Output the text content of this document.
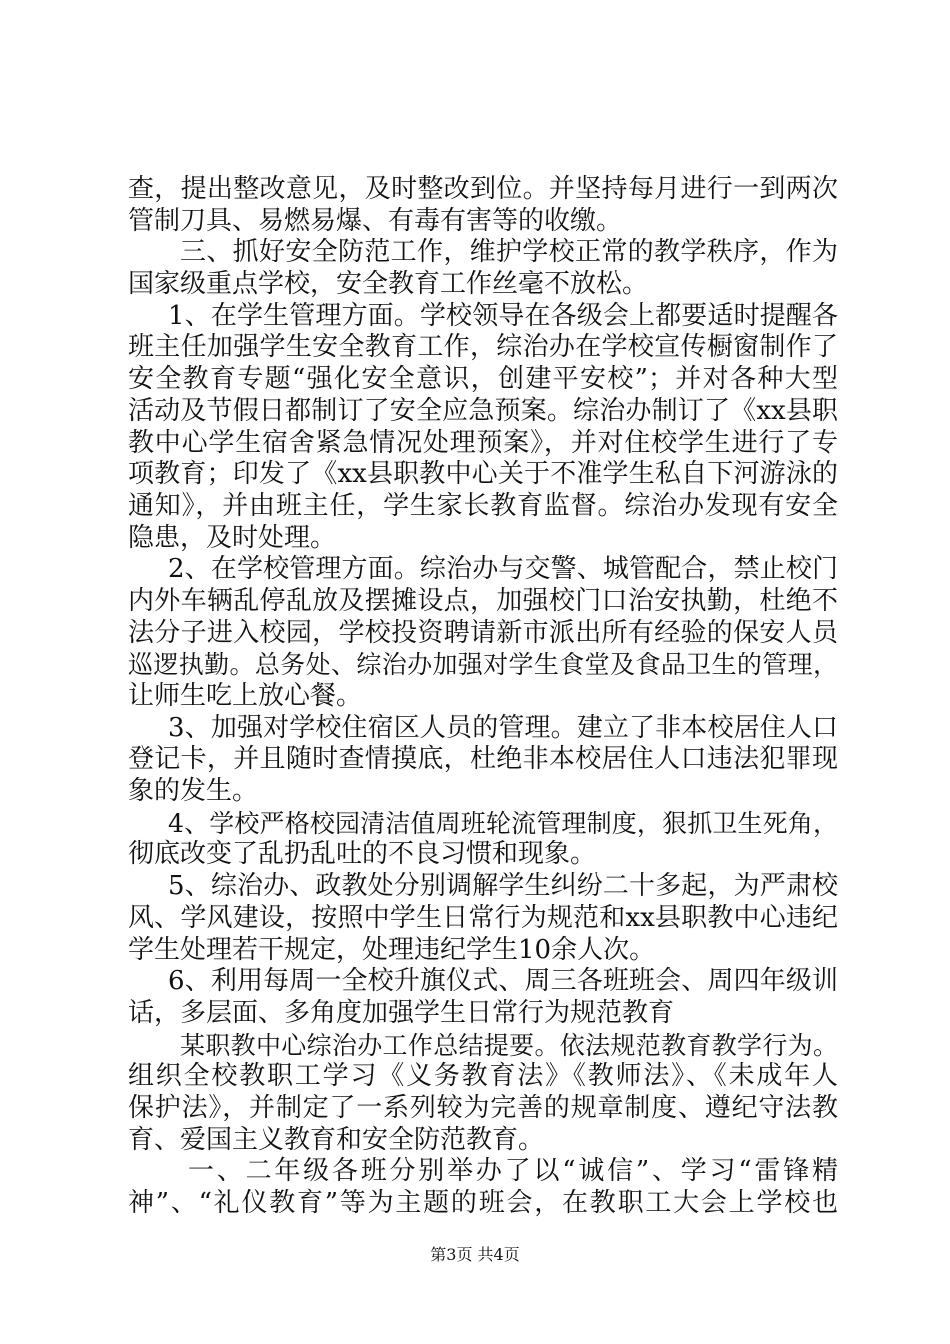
查，提出整改意见，及时整改到位。并坚持每月进行一到两次
管制刀具、易燃易爆、有毒有害等的收缴。
三、抓好安全防范工作，维护学校正常的教学秩序，作为
国家级重点学校，安全教育工作丝毫不放松。
1、在学生管理方面。学校领导在各级会上都要适时提醒各
班主任加强学生安全教育工作，综治办在学校宣传橱窗制作了
安全教育专题“强化安全意识，创建平安校”；并对各种大型
活动及节假日都制订了安全应急预案。综治办制订了《xx县职
教中心学生宿舍紧急情况处理预案》，并对住校学生进行了专
项教育；印发了《xx县职教中心关于不准学生私自下河游泳的
通知》，并由班主任，学生家长教育监督。综治办发现有安全
隐患，及时处理。
2、在学校管理方面。综治办与交警、城管配合，禁止校门
内外车辆乱停乱放及摆摊设点，加强校门口治安执勤，杜绝不
法分子进入校园，学校投资聘请新市派出所有经验的保安人员
巡逻执勤。总务处、综治办加强对学生食堂及食品卫生的管理，
让师生吃上放心餐。
3、加强对学校住宿区人员的管理。建立了非本校居住人口
登记卡，并且随时查情摸底，杜绝非本校居住人口违法犯罪现
象的发生。
4、学校严格校园清洁值周班轮流管理制度，狠抓卫生死角，
彻底改变了乱扔乱吐的不良习惯和现象。
5、综治办、政教处分别调解学生纠纷二十多起，为严肃校
风、学风建设，按照中学生日常行为规范和xx县职教中心违纪
学生处理若干规定，处理违纪学生10余人次。
6、利用每周一全校升旗仪式、周三各班班会、周四年级训
话，多层面、多角度加强学生日常行为规范教育
某职教中心综治办工作总结提要。依法规范教育教学行为。
组织全校教职工学习《义务教育法》《教师法》、《未成年人
保护法》，并制定了一系列较为完善的规章制度、遵纪守法教
育、爱国主义教育和安全防范教育。
一、二年级各班分别举办了以“诚信”、学习“雷锋精
神”、“礼仪教育”等为主题的班会，在教职工大会上学校也
第3页 共4页
